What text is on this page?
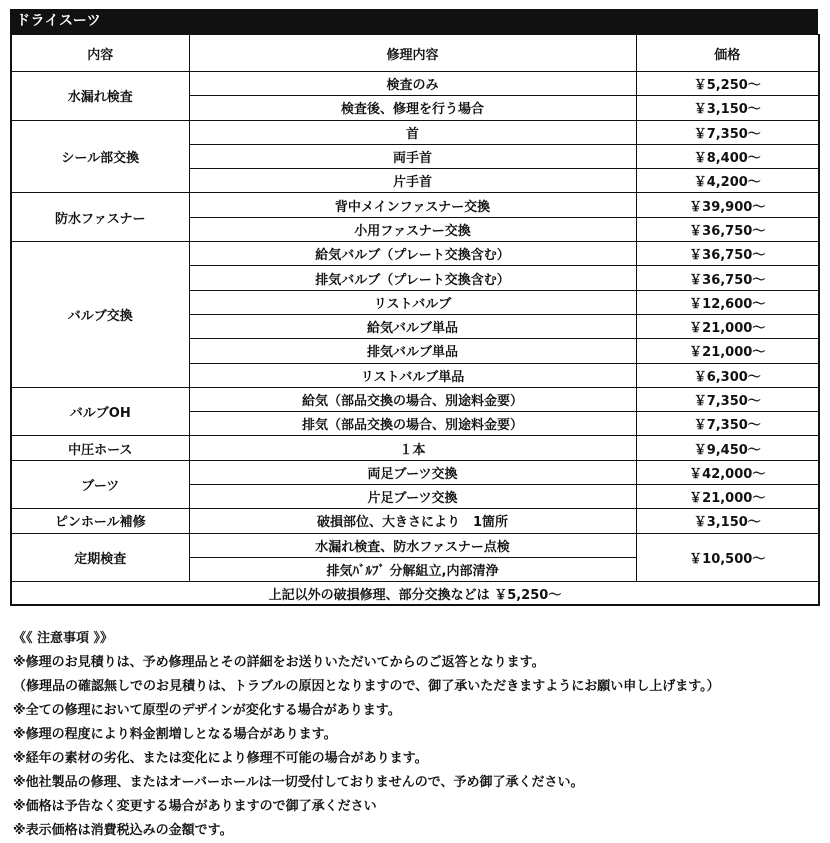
ドライスーツ
内容	修理内容	価格
水漏れ検査	検査のみ	￥5,250～
	検査後、修理を行う場合	￥3,150～
シール部交換	首	￥7,350～
	両手首	￥8,400～
	片手首	￥4,200～
防水ファスナー	背中メインファスナー交換	￥39,900～
	小用ファスナー交換	￥36,750～
バルブ交換	給気バルブ（プレート交換含む）	￥36,750～
	排気バルブ（プレート交換含む）	￥36,750～
	リストバルブ	￥12,600～
	給気バルブ単品	￥21,000～
	排気バルブ単品	￥21,000～
	リストバルブ単品	￥6,300～
バルブOH	給気（部品交換の場合、別途料金要）	￥7,350～
	排気（部品交換の場合、別途料金要）	￥7,350～
中圧ホース	１本	￥9,450～
ブーツ	両足ブーツ交換	￥42,000～
	片足ブーツ交換	￥21,000～
ピンホール補修	破損部位、大きさにより　1箇所	￥3,150～
定期検査	水漏れ検査、防水ファスナー点検	￥10,500～
	排気ﾊﾞﾙﾌﾞ 分解組立,内部清浄	
上記以外の破損修理、部分交換などは ￥5,250～		
《《 注意事項 》》
※修理のお見積りは、予め修理品とその詳細をお送りいただいてからのご返答となります。
（修理品の確認無しでのお見積りは、トラブルの原因となりますので、御了承いただきますようにお願い申し上げます。）
※全ての修理において原型のデザインが変化する場合があります。
※修理の程度により料金割増しとなる場合があります。
※経年の素材の劣化、または変化により修理不可能の場合があります。
※他社製品の修理、またはオーバーホールは一切受付しておりませんので、予め御了承ください。
※価格は予告なく変更する場合がありますので御了承ください
※表示価格は消費税込みの金額です。
